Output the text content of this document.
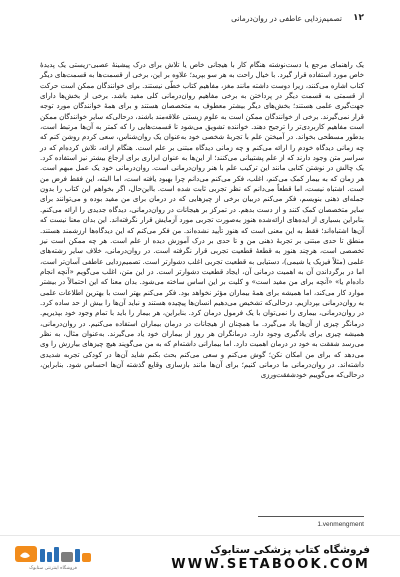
۱۲
تصمیم‌زدایی عاطفی در روان‌درمانی

یک راهنمای مرجع یا دست‌نوشته هنگام کار با هیجانی خاص یا تلاش برای درک پیشینهٔ عصبی-زیستی یک پدیدهٔ خاص مورد استفاده قرار گیرد. با خیال راحت به هر سو بپرید؛ علاوه بر این، برخی از قسمت‌ها به قسمت‌های دیگر کتاب اشاره می‌کنند، زیرا دوست داشته مانند مغز، مفاهیم کتاب خطّی نیستند. برای خوانندگان ممکن است حرکت از قسمتی به قسمت دیگر در پرداختن به برخی مفاهیم روان‌درمانی کلی مفید باشد. برخی از بخش‌ها دارای جهت‌گیری علمی هستند؛ بخش‌های دیگر بیشتر معطوف به متخصصان هستند و برای همهٔ خوانندگان مورد توجه قرار نمی‌گیرند. برخی از خوانندگان ممکن است به علوم زیستی علاقه‌مند باشند، درحالی‌که سایر خوانندگان ممکن است مفاهیم کاربردی‌تر را ترجیح دهند. خواننده تشویق می‌شود تا قسمت‌هایی را که کمتر به آن‌ها مرتبط است، بدطور مسطحی بخواند. در آمیختن علم با تجربهٔ شخصی خود به‌عنوان یک روان‌شناس، سعی کردم روشن کنم که چه زمانی دیدگاه خودم را ارائه می‌کنم و چه زمانی دیدگاه مبتنی بر علم است. هنگام ارائه، تلاش کرده‌ام که در سراسر متن وجود دارند که از علم پشتیبانی می‌کنند؛ از این‌ها به عنوان ابزاری برای ارجاع بیشتر نیز استفاده کرد. یک چالش در نوشتن کتابی مانند این ترکیب علم با هنر روان‌درمانی است. روان‌درمانی خود یک عمل مبهم است. هر زمان که به بیمار کمک می‌کنم، اغلب، فکر می‌کنم می‌دانم چرا بهبود یافته است، اما البته، این فقط فرض من است. اشتباه نیست، اما قطعاً می‌دانم که نظر تجربی ثابت شده است. بااین‌حال، اگر بخواهم این کتاب را بدون جمله‌ای ذهنی بنویسم، فکر می‌کنم دربیان برخی از چیزهایی که در درمان برای من مفید بوده و می‌توانند برای سایر متخصصان کمک کنند و از دست بدهم. در تمرکز بر هیجانات در روان‌درمانی، دیدگاه جدیدی را ارائه می‌کنم. بنابراین بسیاری از ایده‌های ارائه‌شده هنوز به‌صورت تجربی مورد آزمایش قرار نگرفته‌اند. این بدان معنا نیست که آن‌ها اشتباه‌اند؛ فقط به این معنی است که هنوز تأیید نشده‌اند. من فکر می‌کنم که این دیدگاه‌ها ارزشمند هستند. منطق تا حدی مبتنی بر تجربهٔ ذهنی من و تا حدی بر درک آموزش دیده از علم است. هر چه ممکن است نیز تخصصی است، هرچند هنوز به قطعهٔ قطعیت تجربی قرار نگرفته است. در روان‌درمانی، خلاف سایر رشته‌های علمی (مثلاً فیزیک یا شیمی)، دستیابی به قطعیت تجربی اغلب دشوارتر است. تصمیم‌زدایی عاطفی آسان‌تر است، اما در برگرداندن آن به اهمیت درمانی آن، ایجاد قطعیت دشوارتر است. در این متن، اغلب می‌گویم «آنچه انجام داده‌ام یا» «آنچه برای من مفید است» و کلیت بر این اساس ساخته می‌شود. بدان معنا که این احتمالاً در بیشتر موارد کار می‌کند، اما همیشه برای همهٔ بیماران مؤثر نخواهد بود. فکر می‌کنم بهتر است با بهترین اطلاعات علمی به روان‌درمانی بپردازیم. درحالی‌که تشخیص می‌دهیم انسان‌ها پیچیده هستند و نباید آن‌ها را بیش از حد ساده کرد. در روان‌درمانی، بیماری را نمی‌توان با یک فرمول درمان کرد. بنابراین، هر بیمار را باید با تمام وجود خود بپذیریم. درمانگر چیزی از آن‌ها یاد می‌گیرد. ما همچنان از هیجانات در درمان بیماران استفاده می‌کنیم. در روان‌درمانی، همیشه چیزی برای یادگیری وجود دارد. درمانگران هر روز از بیماران خود یاد می‌گیرند. به‌عنوان مثال، به نظر می‌رسد شفقت به خود در درمان اهمیت دارد. اما بیمارانی داشته‌ام که به من می‌گویند هیچ چیزهای بیارزش را وی می‌دهد که برای من امکان نکن؛ گوش می‌کنم و سعی می‌کنم بحث بکنم شاید آن‌ها در کودکی تجربه شدیدی داشته‌اند. در روان‌درمانی ما درمانی کنیم؛ برای آن‌ها مانند بازسازی وقایع گذشته آن‌ها احساس شود. بنابراین، درحالی‌که می‌گوییم خودشفقت‌ورزی

1.venmengment
فروشگاه اینترنتی ستابوک
فروشگاه کتاب پزشکی ستابوک
WWW.SETABOOK.COM
